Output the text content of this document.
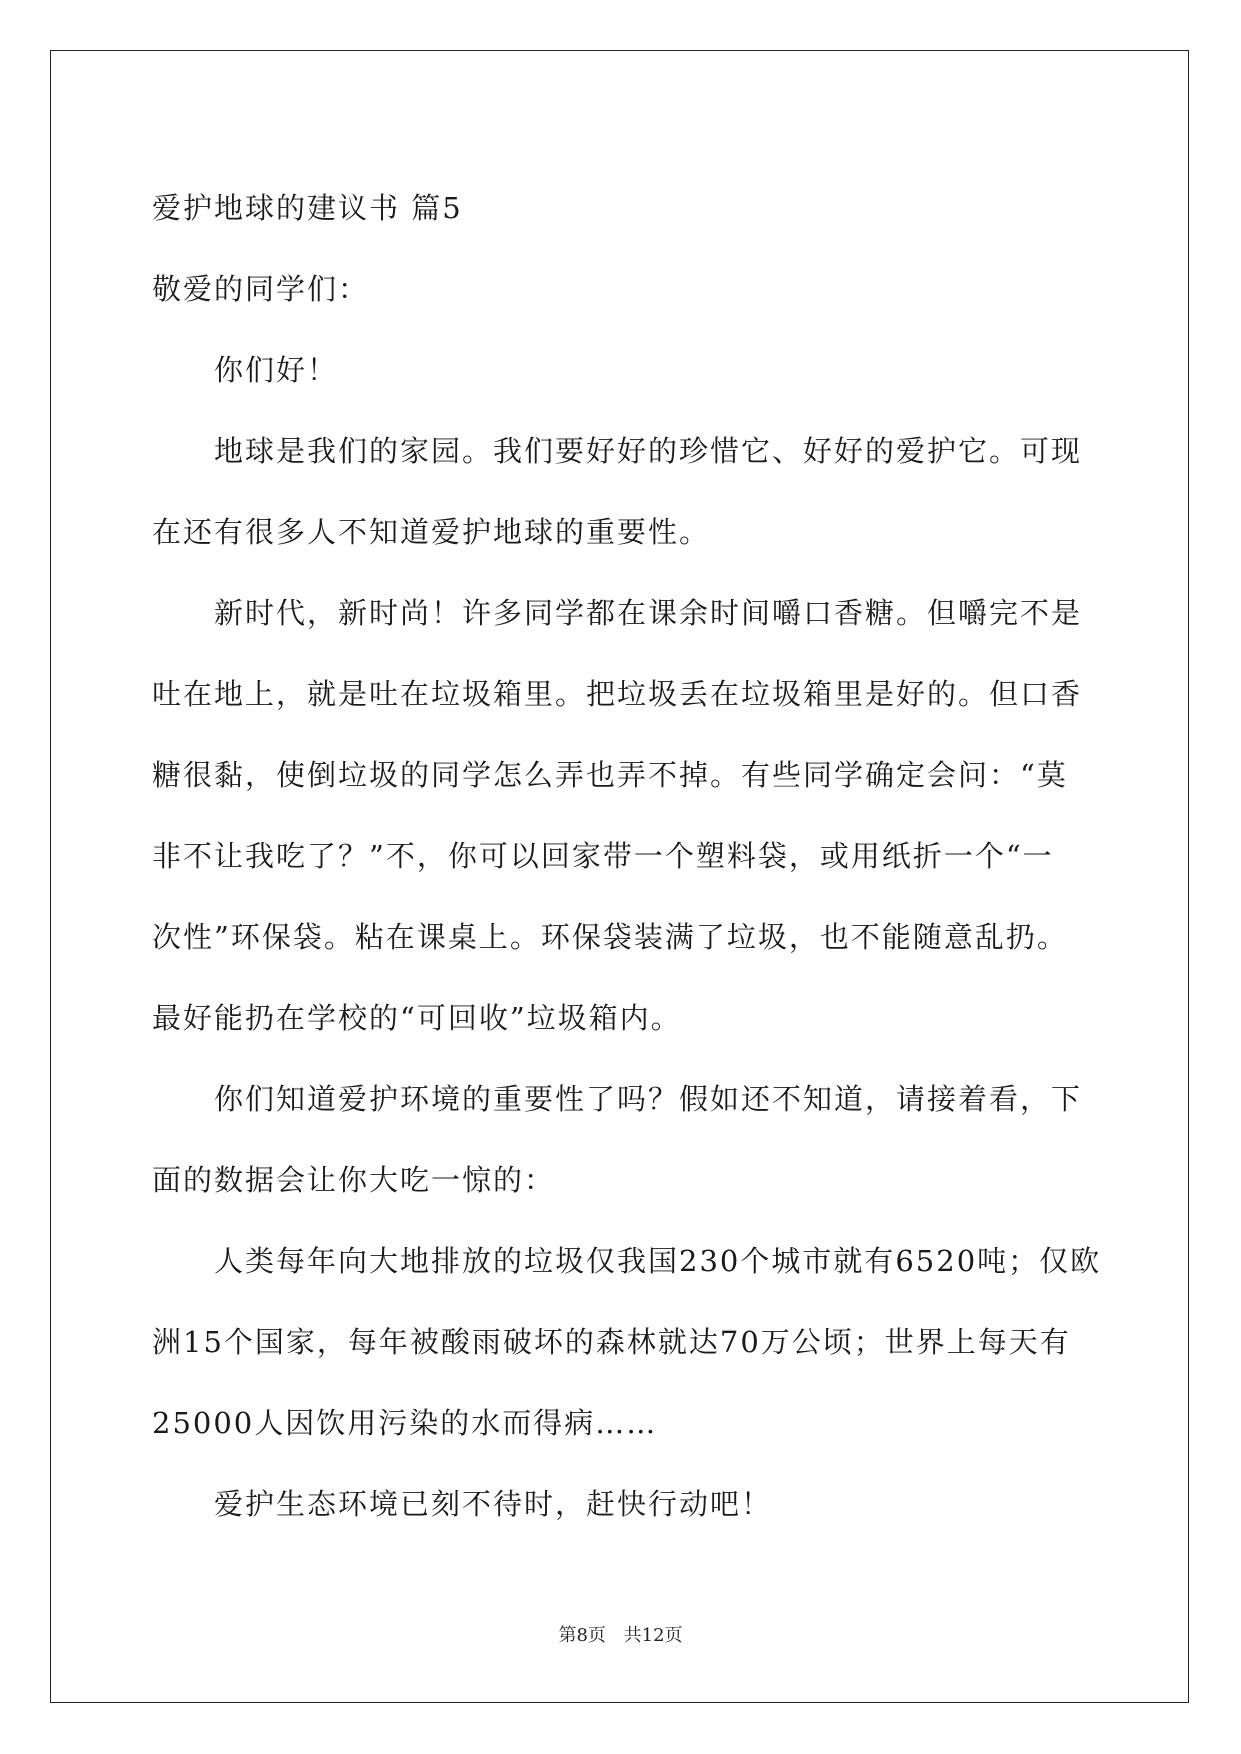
爱护地球的建议书 篇5

敬爱的同学们：

你们好！

地球是我们的家园。我们要好好的珍惜它、好好的爱护它。可现

在还有很多人不知道爱护地球的重要性。

新时代，新时尚！许多同学都在课余时间嚼口香糖。但嚼完不是

吐在地上，就是吐在垃圾箱里。把垃圾丢在垃圾箱里是好的。但口香

糖很黏，使倒垃圾的同学怎么弄也弄不掉。有些同学确定会问：“莫

非不让我吃了？”不，你可以回家带一个塑料袋，或用纸折一个“一

次性”环保袋。粘在课桌上。环保袋装满了垃圾，也不能随意乱扔。

最好能扔在学校的“可回收”垃圾箱内。

你们知道爱护环境的重要性了吗？假如还不知道，请接着看，下

面的数据会让你大吃一惊的：

人类每年向大地排放的垃圾仅我国230个城市就有6520吨；仅欧

洲15个国家，每年被酸雨破坏的森林就达70万公顷；世界上每天有

25000人因饮用污染的水而得病……

爱护生态环境已刻不待时，赶快行动吧！

第8页 共12页
